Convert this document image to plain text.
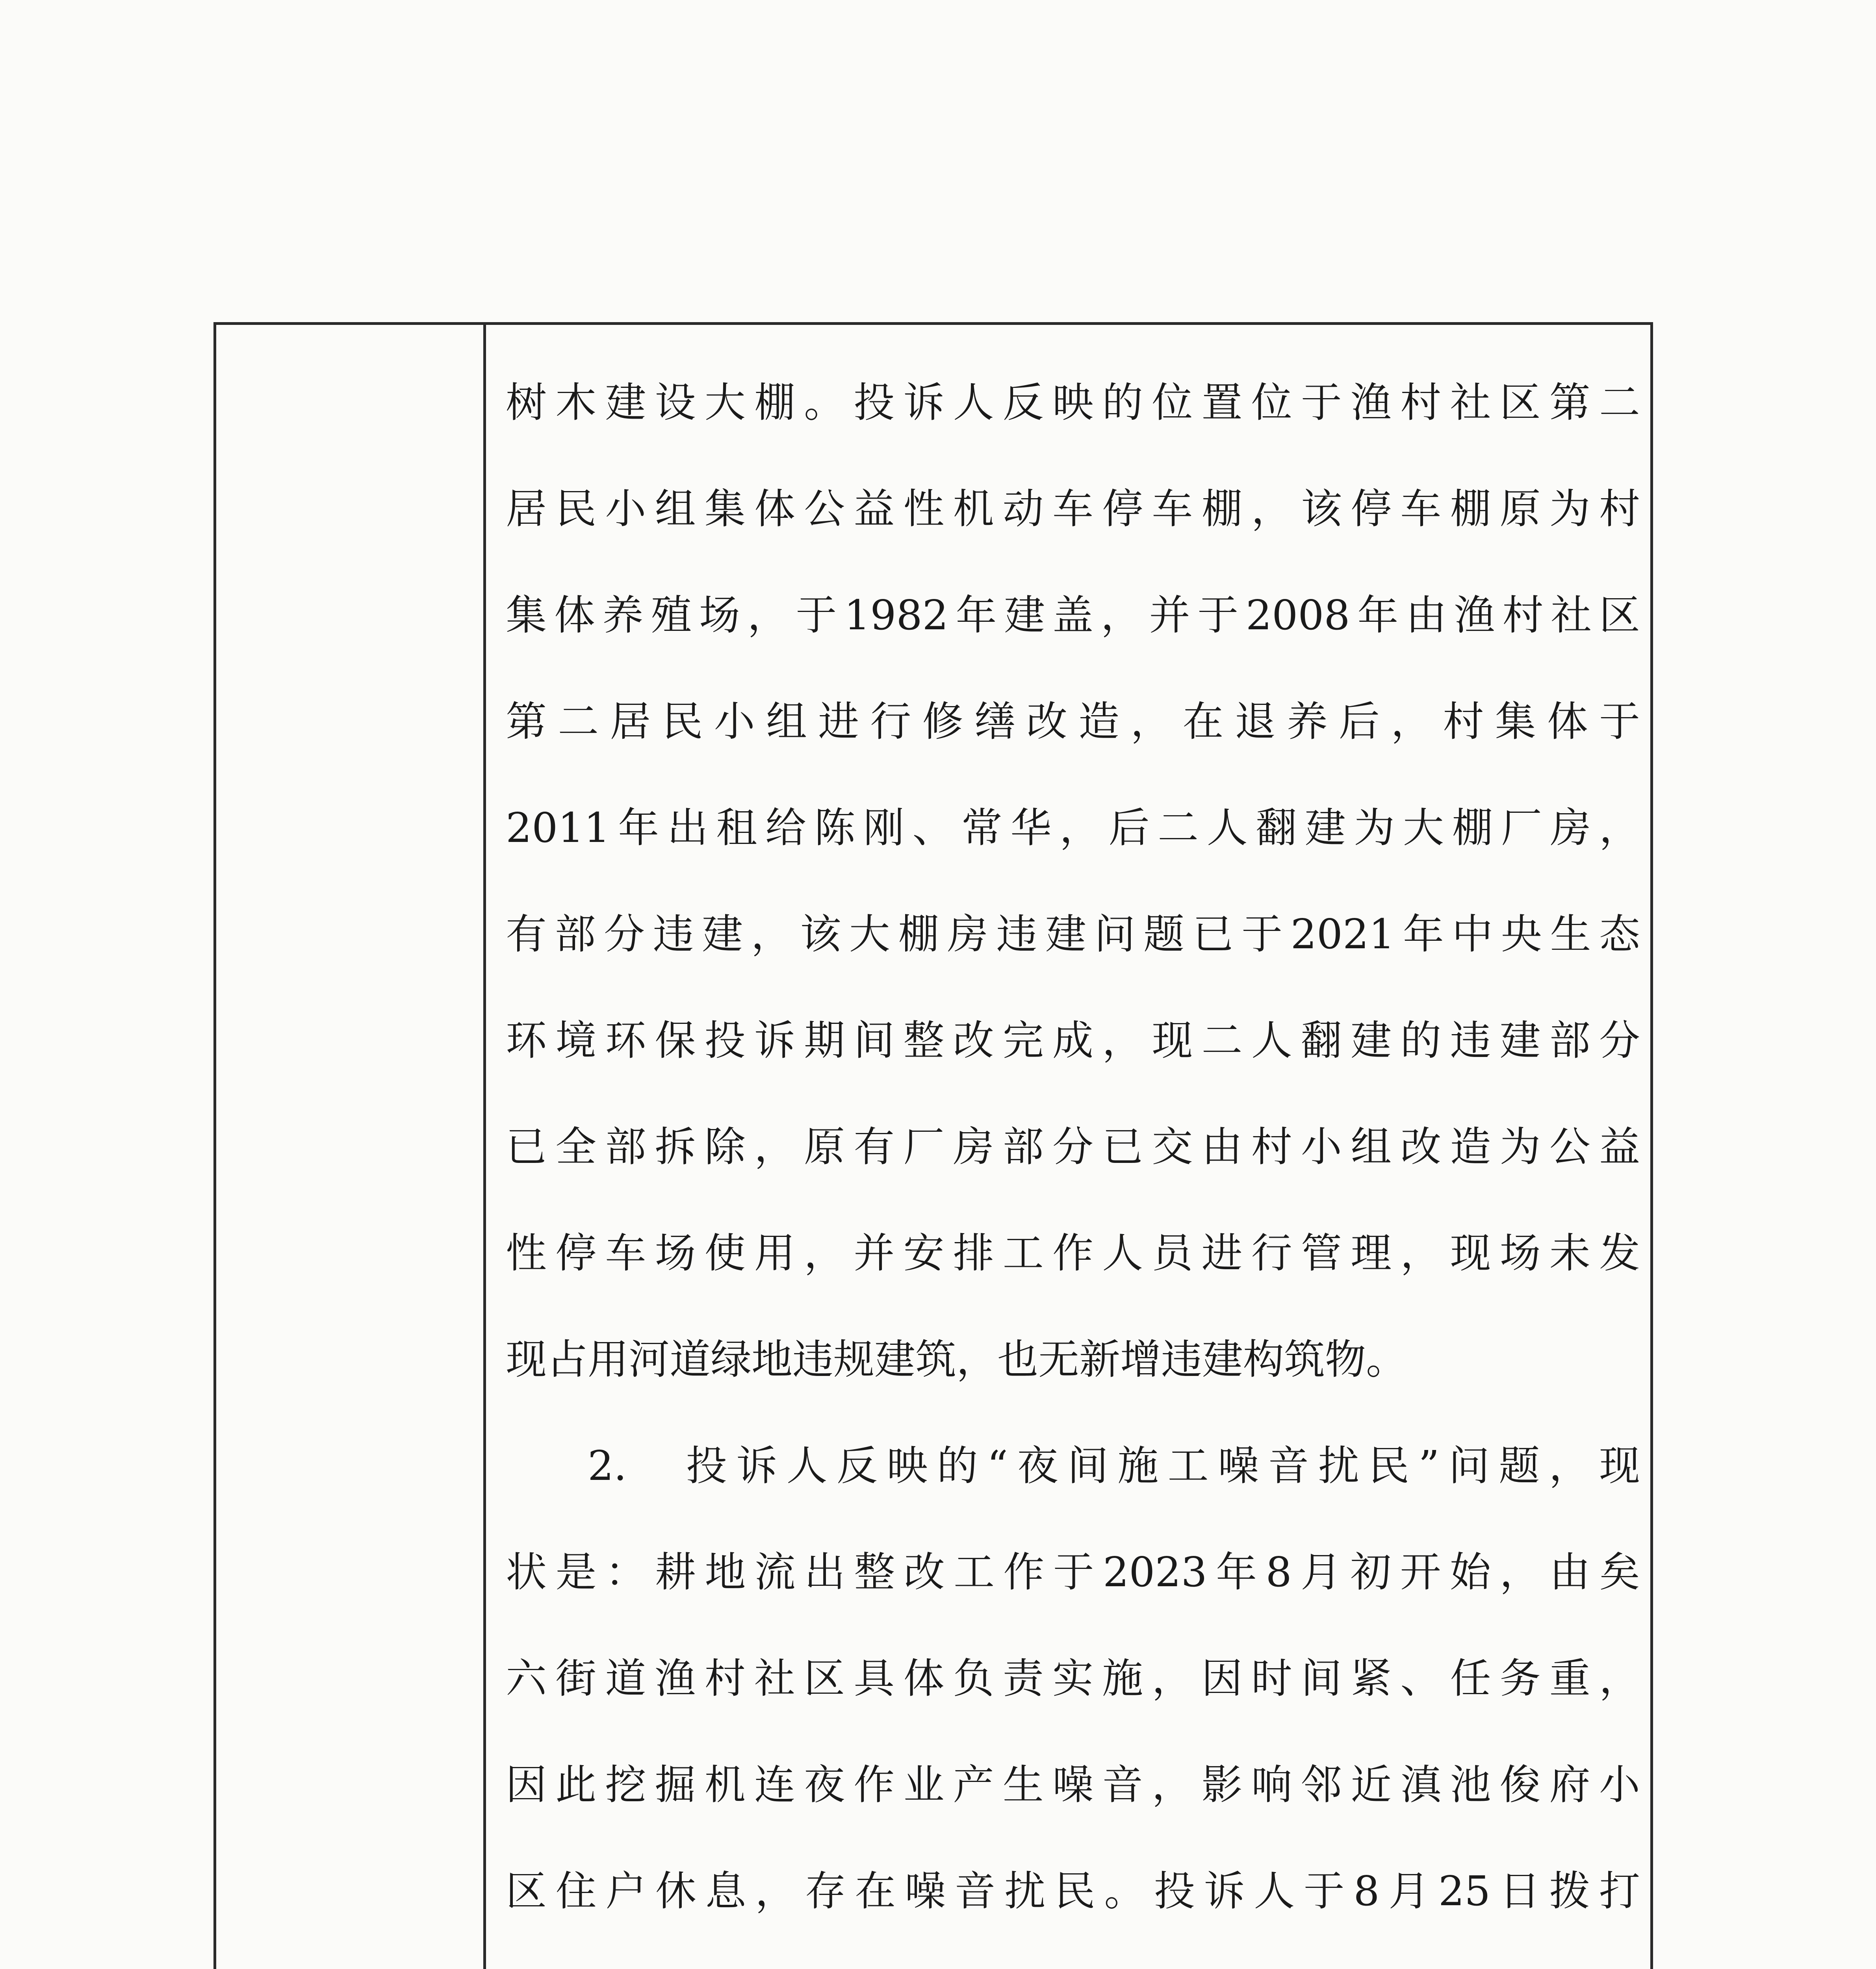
树木建设大棚。投诉人反映的位置位于渔村社区第二
居民小组集体公益性机动车停车棚，该停车棚原为村
集体养殖场，于1982年建盖，并于2008年由渔村社区
第二居民小组进行修缮改造，在退养后，村集体于
2011年出租给陈刚、常华，后二人翻建为大棚厂房，
有部分违建，该大棚房违建问题已于2021年中央生态
环境环保投诉期间整改完成，现二人翻建的违建部分
已全部拆除，原有厂房部分已交由村小组改造为公益
性停车场使用，并安排工作人员进行管理，现场未发
现占用河道绿地违规建筑，也无新增违建构筑物。
2.　投诉人反映的“夜间施工噪音扰民”问题，现
状是：耕地流出整改工作于2023年8月初开始，由矣
六街道渔村社区具体负责实施，因时间紧、任务重，
因此挖掘机连夜作业产生噪音，影响邻近滇池俊府小
区住户休息，存在噪音扰民。投诉人于8月25日拨打
